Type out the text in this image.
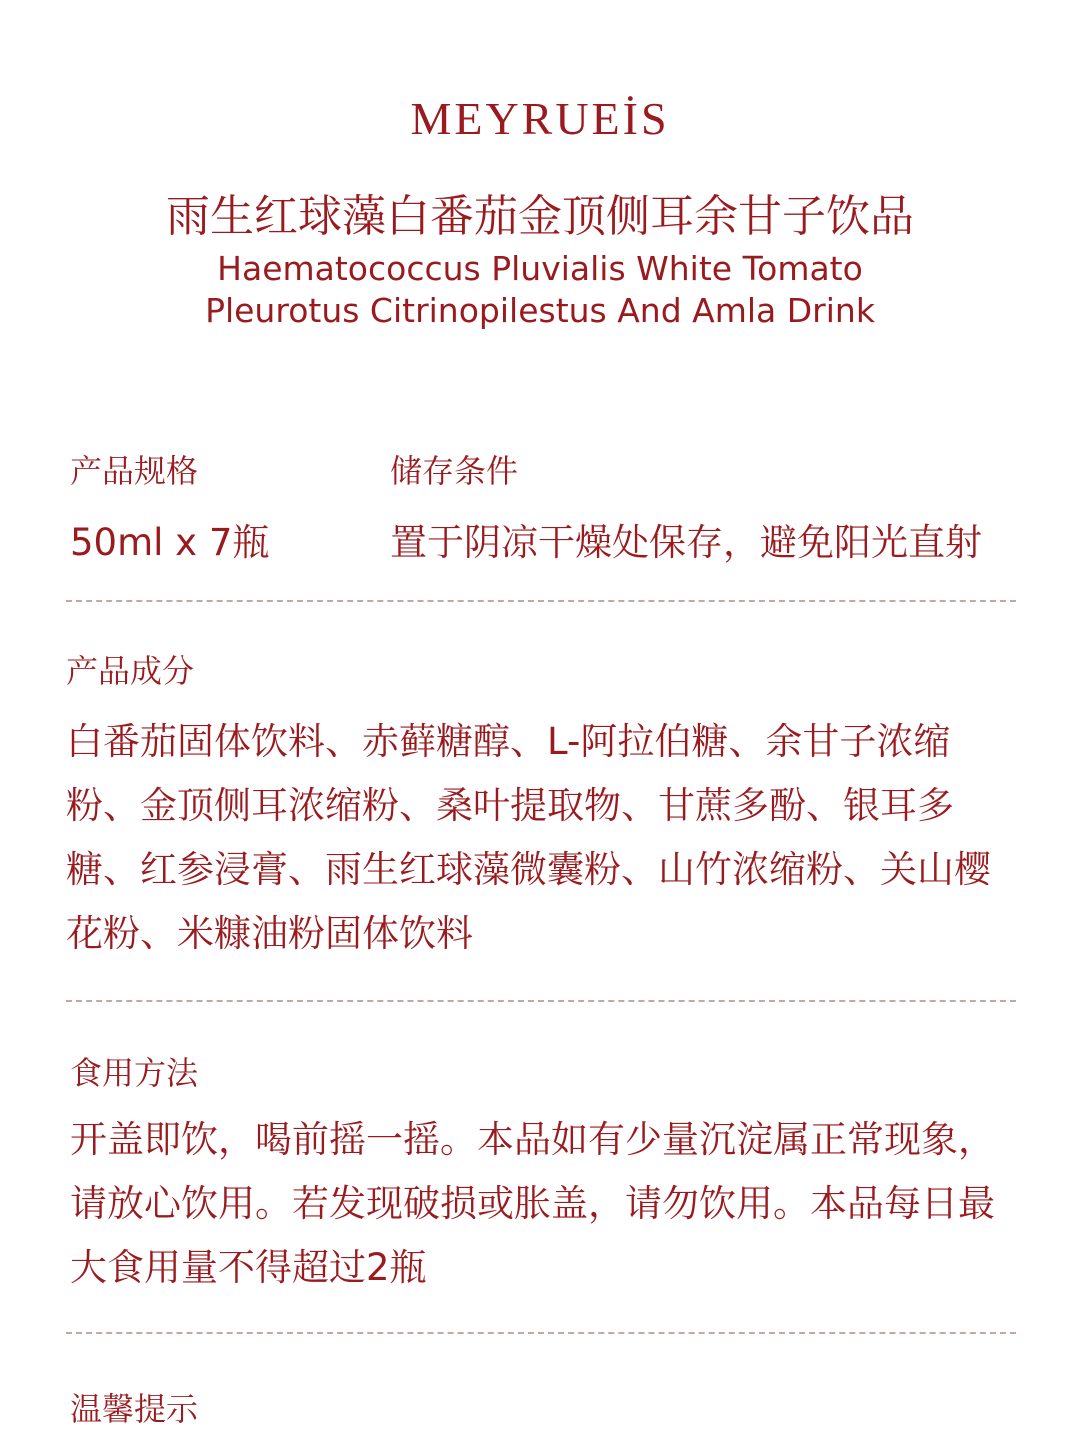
MEYRUEİS
雨生红球藻白番茄金顶侧耳余甘子饮品
Haematococcus Pluvialis White Tomato
Pleurotus Citrinopilestus And Amla Drink
产品规格
50ml x 7瓶
储存条件
置于阴凉干燥处保存，避免阳光直射
产品成分
白番茄固体饮料、赤藓糖醇、L-阿拉伯糖、余甘子浓缩粉、金顶侧耳浓缩粉、桑叶提取物、甘蔗多酚、银耳多糖、红参浸膏、雨生红球藻微囊粉、山竹浓缩粉、关山樱花粉、米糠油粉固体饮料
食用方法
开盖即饮，喝前摇一摇。本品如有少量沉淀属正常现象，请放心饮用。若发现破损或胀盖，请勿饮用。本品每日最大食用量不得超过2瓶
温馨提示
